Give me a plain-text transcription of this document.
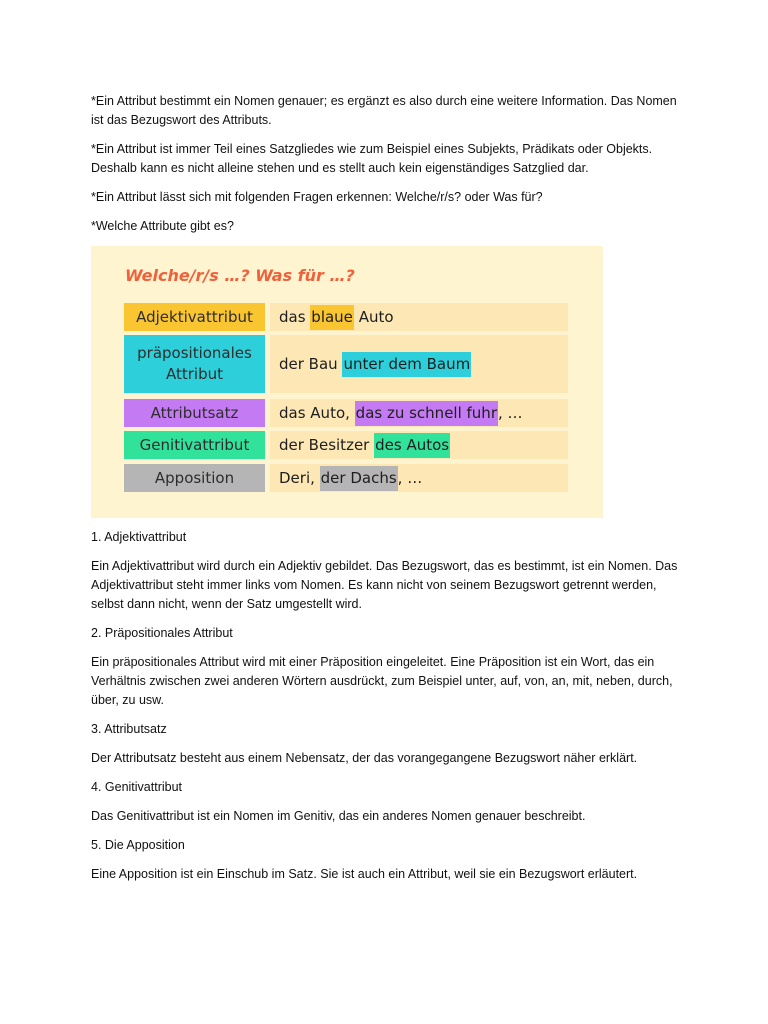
*Ein Attribut bestimmt ein Nomen genauer; es ergänzt es also durch eine weitere Information. Das Nomen ist das Bezugswort des Attributs.

*Ein Attribut ist immer Teil eines Satzgliedes wie zum Beispiel eines Subjekts, Prädikats oder Objekts. Deshalb kann es nicht alleine stehen und es stellt auch kein eigenständiges Satzglied dar.

*Ein Attribut lässt sich mit folgenden Fragen erkennen: Welche/r/s? oder Was für?

*Welche Attribute gibt es?

Welche/r/s …? Was für …?
Adjektivattribut das blaue Auto
präpositionales
Attribut
der Bau unter dem Baum
Attributsatz	das Auto, das zu schnell fuhr , …
Genitivattribut der Besitzer des Autos
Apposition	Deri, der Dachs , …

1. Adjektivattribut

Ein Adjektivattribut wird durch ein Adjektiv gebildet. Das Bezugswort, das es bestimmt, ist ein Nomen. Das Adjektivattribut steht immer links vom Nomen. Es kann nicht von seinem Bezugswort getrennt werden, selbst dann nicht, wenn der Satz umgestellt wird.

2. Präpositionales Attribut

Ein präpositionales Attribut wird mit einer Präposition eingeleitet. Eine Präposition ist ein Wort, das ein Verhältnis zwischen zwei anderen Wörtern ausdrückt, zum Beispiel unter, auf, von, an, mit, neben, durch, über, zu usw.

3. Attributsatz

Der Attributsatz besteht aus einem Nebensatz, der das vorangegangene Bezugswort näher erklärt.

4. Genitivattribut

Das Genitivattribut ist ein Nomen im Genitiv, das ein anderes Nomen genauer beschreibt.

5. Die Apposition

Eine Apposition ist ein Einschub im Satz. Sie ist auch ein Attribut, weil sie ein Bezugswort erläutert.
